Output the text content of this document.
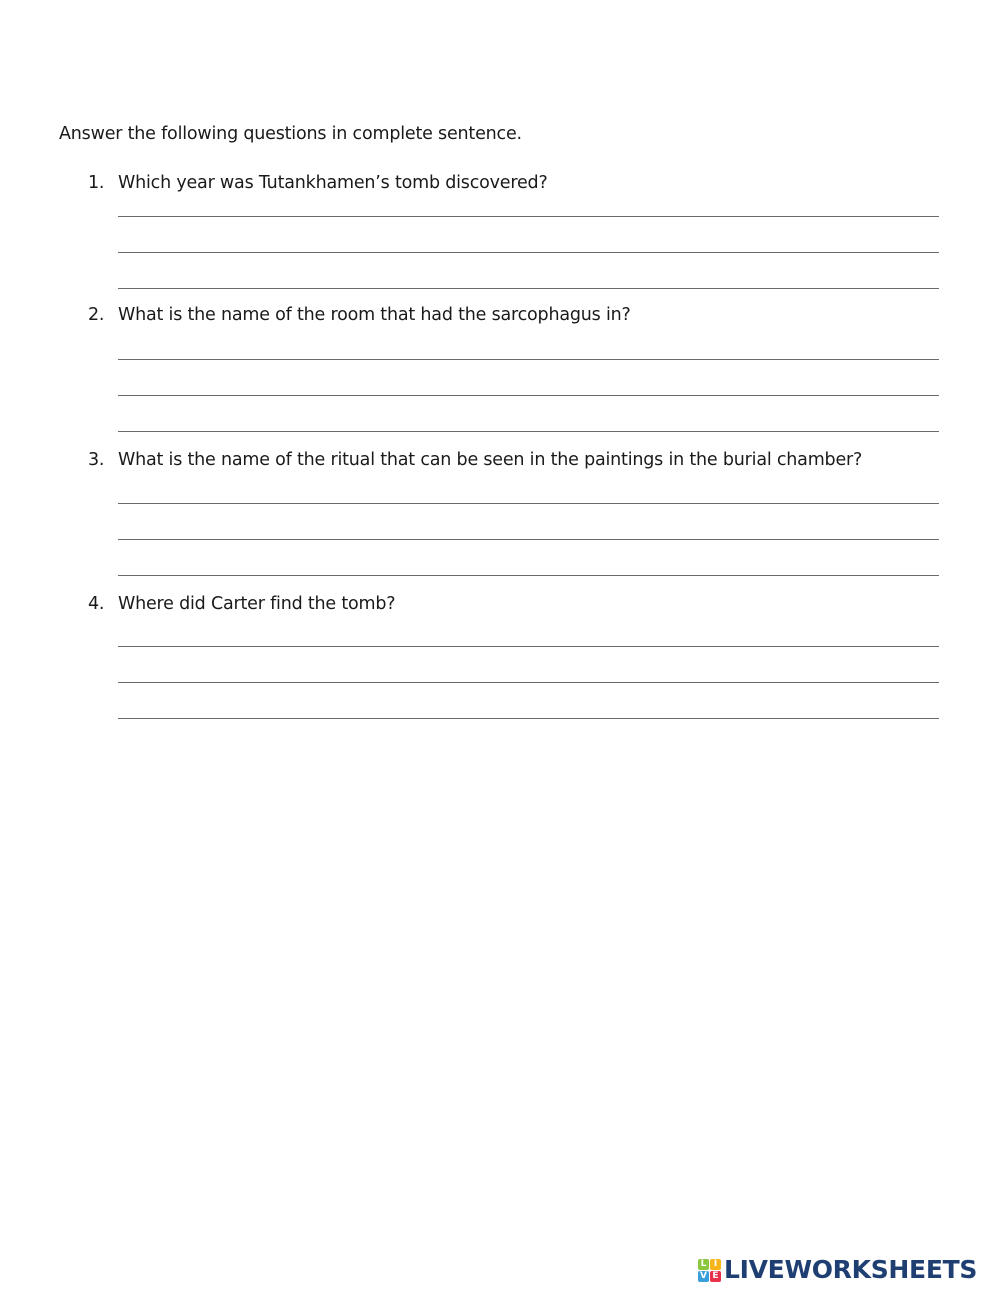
Answer the following questions in complete sentence.
1. Which year was Tutankhamen’s tomb discovered?
2. What is the name of the room that had the sarcophagus in?
3. What is the name of the ritual that can be seen in the paintings in the burial chamber?
4. Where did Carter find the tomb?
L I
V E LIVEWORKSHEETS
